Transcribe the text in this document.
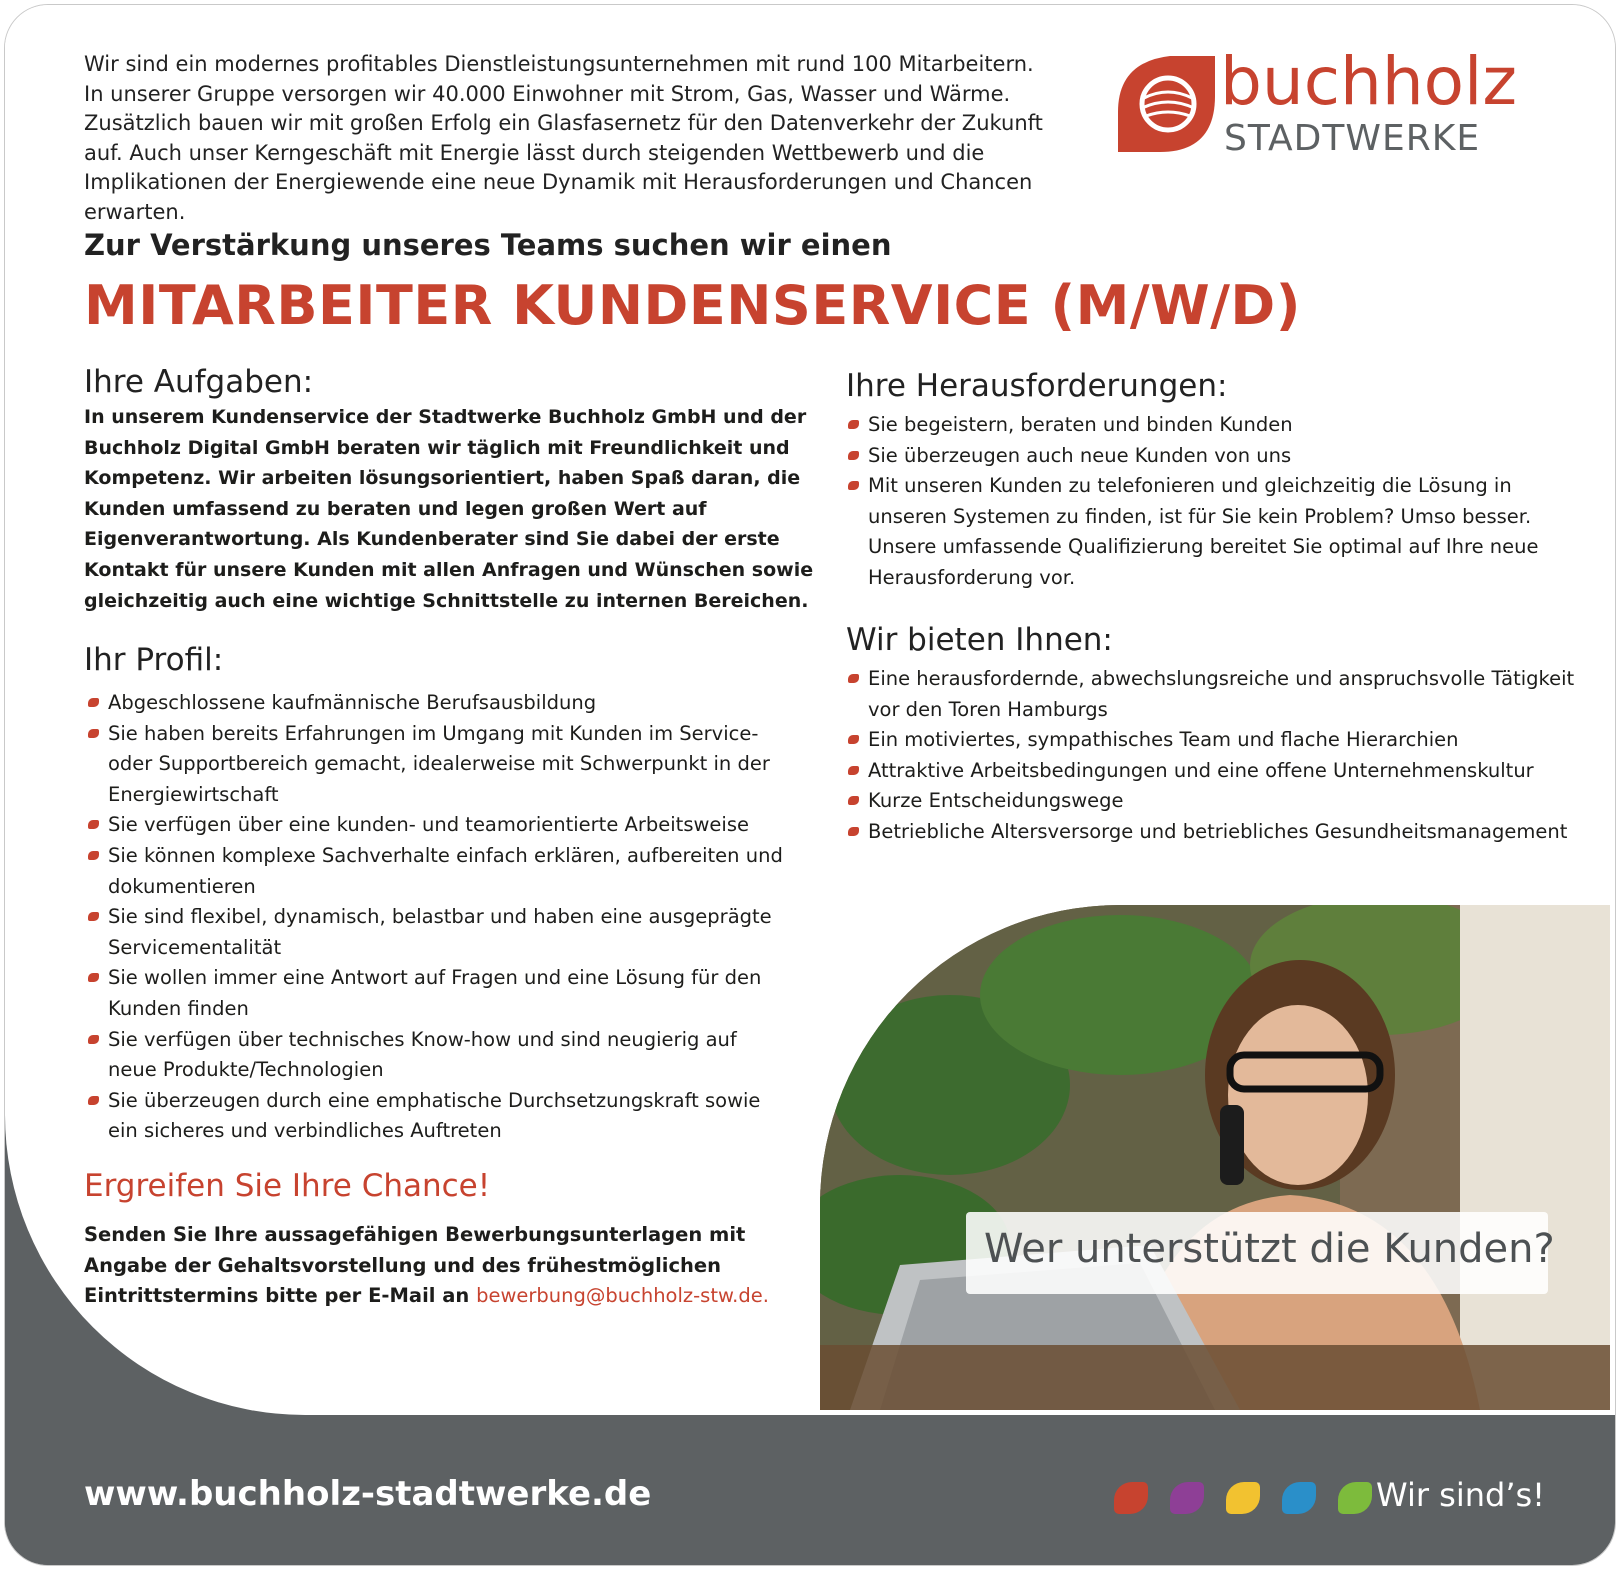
Wir sind ein modernes profitables Dienstleistungsunternehmen mit rund 100 Mitarbeitern. In unserer Gruppe versorgen wir 40.000 Einwohner mit Strom, Gas, Wasser und Wärme. Zusätzlich bauen wir mit großen Erfolg ein Glasfasernetz für den Datenverkehr der Zukunft auf. Auch unser Kerngeschäft mit Energie lässt durch steigenden Wettbewerb und die Implikationen der Energiewende eine neue Dynamik mit Herausforderungen und Chancen erwarten.
buchholz
STADTWERKE
Zur Verstärkung unseres Teams suchen wir einen
MITARBEITER KUNDENSERVICE (M/W/D)
Ihre Aufgaben:
In unserem Kundenservice der Stadtwerke Buchholz GmbH und der Buchholz Digital GmbH beraten wir täglich mit Freundlichkeit und Kompetenz. Wir arbeiten lösungsorientiert, haben Spaß daran, die Kunden umfassend zu beraten und legen großen Wert auf Eigenverantwortung. Als Kundenberater sind Sie dabei der erste Kontakt für unsere Kunden mit allen Anfragen und Wünschen sowie gleichzeitig auch eine wichtige Schnittstelle zu internen Bereichen.
Ihr Profil:
Abgeschlossene kaufmännische Berufsausbildung
Sie haben bereits Erfahrungen im Umgang mit Kunden im Service- oder Supportbereich gemacht, idealerweise mit Schwerpunkt in der Energiewirtschaft
Sie verfügen über eine kunden- und teamorientierte Arbeitsweise
Sie können komplexe Sachverhalte einfach erklären, aufbereiten und dokumentieren
Sie sind flexibel, dynamisch, belastbar und haben eine ausgeprägte Servicementalität
Sie wollen immer eine Antwort auf Fragen und eine Lösung für den Kunden finden
Sie verfügen über technisches Know-how und sind neugierig auf neue Produkte/Technologien
Sie überzeugen durch eine emphatische Durchsetzungskraft sowie ein sicheres und verbindliches Auftreten
Ergreifen Sie Ihre Chance!
Senden Sie Ihre aussagefähigen Bewerbungsunterlagen mit Angabe der Gehaltsvorstellung und des frühestmöglichen Eintrittstermins bitte per E-Mail an bewerbung@buchholz-stw.de.
Ihre Herausforderungen:
Sie begeistern, beraten und binden Kunden
Sie überzeugen auch neue Kunden von uns
Mit unseren Kunden zu telefonieren und gleichzeitig die Lösung in unseren Systemen zu finden, ist für Sie kein Problem? Umso besser. Unsere umfassende Qualifizierung bereitet Sie optimal auf Ihre neue Herausforderung vor.
Wir bieten Ihnen:
Eine herausfordernde, abwechslungsreiche und anspruchsvolle Tätigkeit vor den Toren Hamburgs
Ein motiviertes, sympathisches Team und flache Hierarchien
Attraktive Arbeitsbedingungen und eine offene Unternehmenskultur
Kurze Entscheidungswege
Betriebliche Altersversorge und betriebliches Gesundheitsmanagement
Wer unterstützt die Kunden?
www.buchholz-stadtwerke.de	Wir sind’s!
